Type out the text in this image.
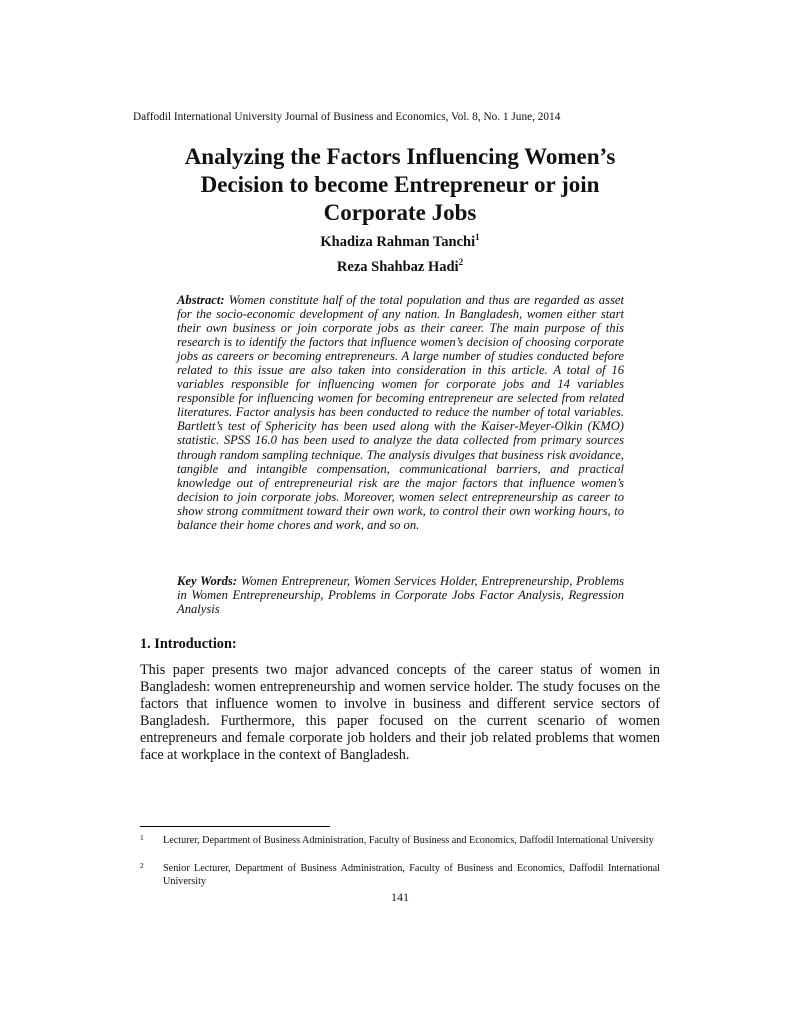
Daffodil International University Journal of Business and Economics, Vol. 8, No. 1 June, 2014
Analyzing the Factors Influencing Women’s Decision to become Entrepreneur or join Corporate Jobs
Khadiza Rahman Tanchi$^1$
Reza Shahbaz Hadi$^2$

Abstract: Women constitute half of the total population and thus are regarded as asset for the socio-economic development of any nation. In Bangladesh, women either start their own business or join corporate jobs as their career. The main purpose of this research is to identify the factors that influence women’s decision of choosing corporate jobs as careers or becoming entrepreneurs. A large number of studies conducted before related to this issue are also taken into consideration in this article. A total of 16 variables responsible for influencing women for corporate jobs and 14 variables responsible for influencing women for becoming entrepreneur are selected from related literatures. Factor analysis has been conducted to reduce the number of total variables. Bartlett’s test of Sphericity has been used along with the Kaiser-Meyer-Olkin (KMO) statistic. SPSS 16.0 has been used to analyze the data collected from primary sources through random sampling technique. The analysis divulges that business risk avoidance, tangible and intangible compensation, communicational barriers, and practical knowledge out of entrepreneurial risk are the major factors that influence women’s decision to join corporate jobs. Moreover, women select entrepreneurship as career to show strong commitment toward their own work, to control their own working hours, to balance their home chores and work, and so on.

Key Words: Women Entrepreneur, Women Services Holder, Entrepreneurship, Problems in Women Entrepreneurship, Problems in Corporate Jobs Factor Analysis, Regression Analysis

1. Introduction:

This paper presents two major advanced concepts of the career status of women in Bangladesh: women entrepreneurship and women service holder. The study focuses on the factors that influence women to involve in business and different service sectors of Bangladesh. Furthermore, this paper focused on the current scenario of women entrepreneurs and female corporate job holders and their job related problems that women face at workplace in the context of Bangladesh.

1 Lecturer, Department of Business Administration, Faculty of Business and Economics, Daffodil International University
2 Senior Lecturer, Department of Business Administration, Faculty of Business and Economics, Daffodil International University
141
